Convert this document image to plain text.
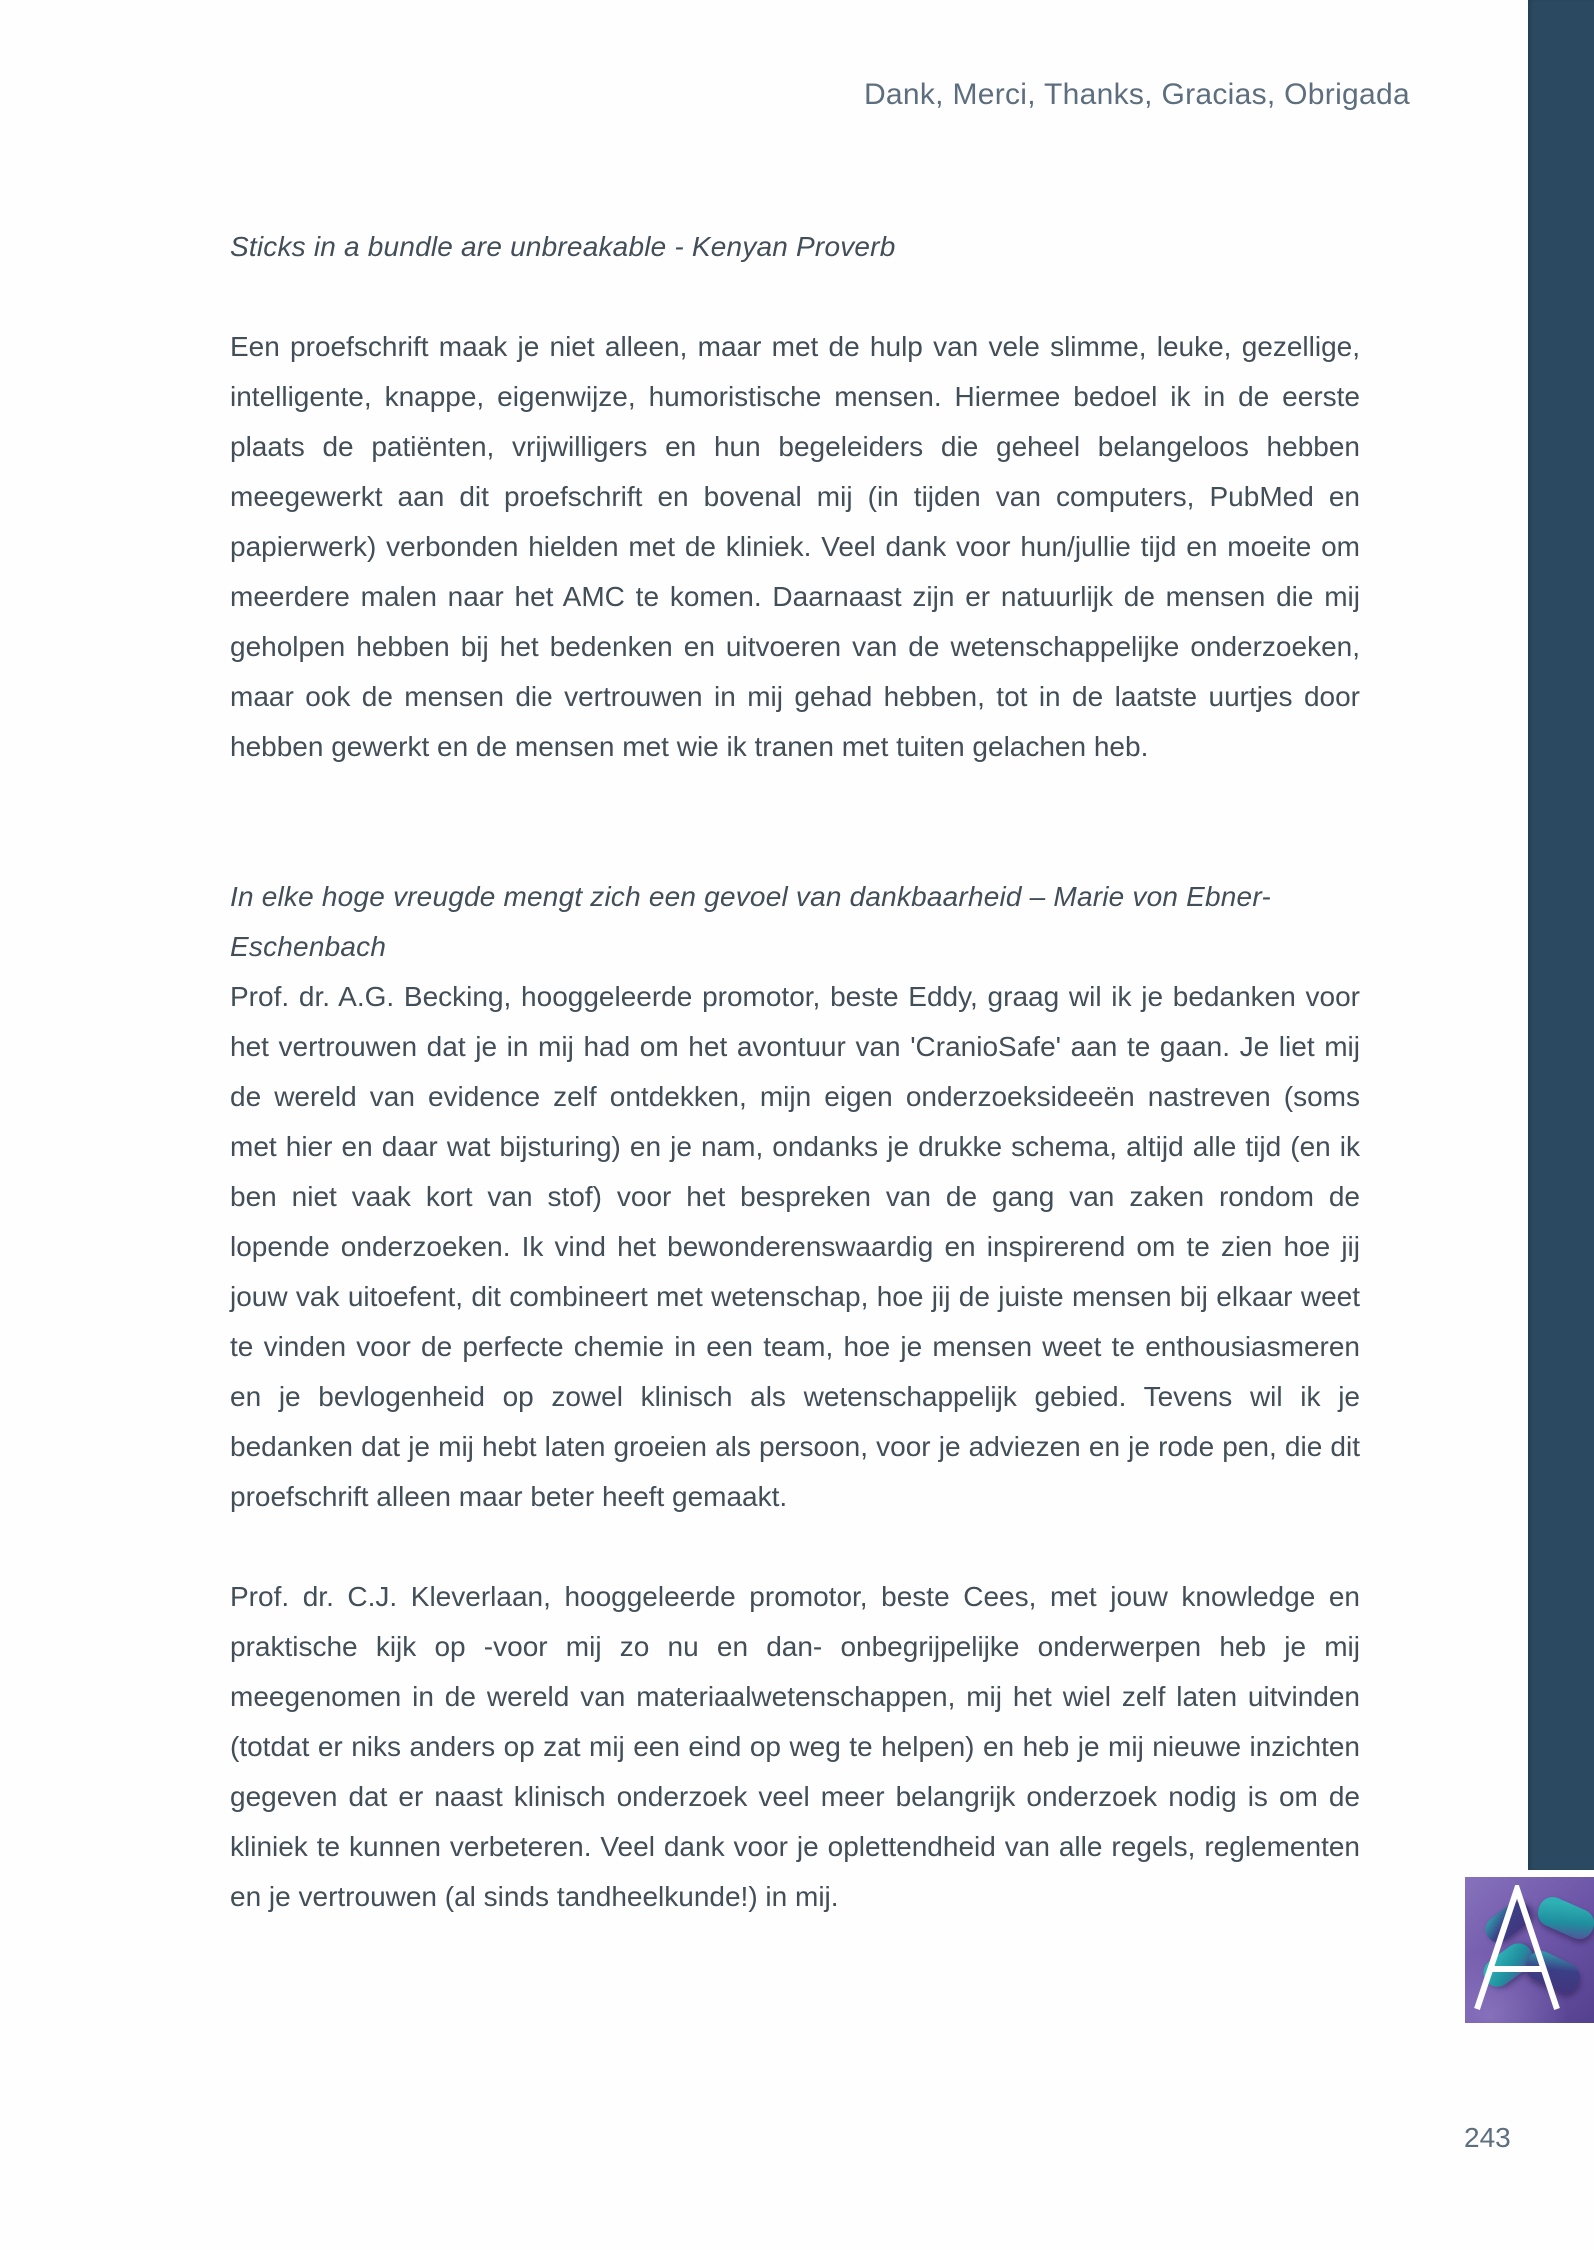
Dank, Merci, Thanks, Gracias, Obrigada
Sticks in a bundle are unbreakable - Kenyan Proverb
Een proefschrift maak je niet alleen, maar met de hulp van vele slimme, leuke, gezellige, intelligente, knappe, eigenwijze, humoristische mensen. Hiermee bedoel ik in de eerste plaats de patiënten, vrijwilligers en hun begeleiders die geheel belangeloos hebben meegewerkt aan dit proefschrift en bovenal mij (in tijden van computers, PubMed en papierwerk) verbonden hielden met de kliniek. Veel dank voor hun/jullie tijd en moeite om meerdere malen naar het AMC te komen. Daarnaast zijn er natuurlijk de mensen die mij geholpen hebben bij het bedenken en uitvoeren van de wetenschappelijke onderzoeken, maar ook de mensen die vertrouwen in mij gehad hebben, tot in de laatste uurtjes door hebben gewerkt en de mensen met wie ik tranen met tuiten gelachen heb.
In elke hoge vreugde mengt zich een gevoel van dankbaarheid – Marie von Ebner-Eschenbach
Prof. dr. A.G. Becking, hooggeleerde promotor, beste Eddy, graag wil ik je bedanken voor het vertrouwen dat je in mij had om het avontuur van 'CranioSafe' aan te gaan. Je liet mij de wereld van evidence zelf ontdekken, mijn eigen onderzoeksideeën nastreven (soms met hier en daar wat bijsturing) en je nam, ondanks je drukke schema, altijd alle tijd (en ik ben niet vaak kort van stof) voor het bespreken van de gang van zaken rondom de lopende onderzoeken. Ik vind het bewonderenswaardig en inspirerend om te zien hoe jij jouw vak uitoefent, dit combineert met wetenschap, hoe jij de juiste mensen bij elkaar weet te vinden voor de perfecte chemie in een team, hoe je mensen weet te enthousiasmeren en je bevlogenheid op zowel klinisch als wetenschappelijk gebied. Tevens wil ik je bedanken dat je mij hebt laten groeien als persoon, voor je adviezen en je rode pen, die dit proefschrift alleen maar beter heeft gemaakt.
Prof. dr. C.J. Kleverlaan, hooggeleerde promotor, beste Cees, met jouw knowledge en praktische kijk op -voor mij zo nu en dan- onbegrijpelijke onderwerpen heb je mij meegenomen in de wereld van materiaalwetenschappen, mij het wiel zelf laten uitvinden (totdat er niks anders op zat mij een eind op weg te helpen) en heb je mij nieuwe inzichten gegeven dat er naast klinisch onderzoek veel meer belangrijk onderzoek nodig is om de kliniek te kunnen verbeteren. Veel dank voor je oplettendheid van alle regels, reglementen en je vertrouwen (al sinds tandheelkunde!) in mij.
243
